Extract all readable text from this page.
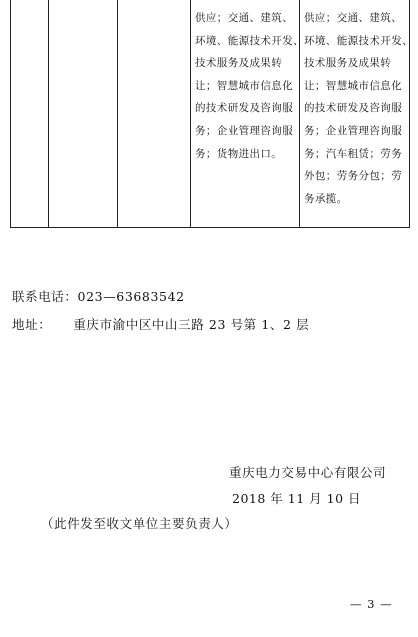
供应；交通、建筑、
环境、能源技术开发、
技术服务及成果转
让；智慧城市信息化
的技术研发及咨询服
务；企业管理咨询服
务；货物进出口。
供应；交通、建筑、
环境、能源技术开发、
技术服务及成果转
让；智慧城市信息化
的技术研发及咨询服
务；企业管理咨询服
务；汽车租赁；劳务
外包；劳务分包；劳
务承揽。
联系电话：023—63683542
地址： 重庆市渝中区中山三路 23 号第 1、2 层
重庆电力交易中心有限公司
2018 年 11 月 10 日
（此件发至收文单位主要负责人）
— 3 —
